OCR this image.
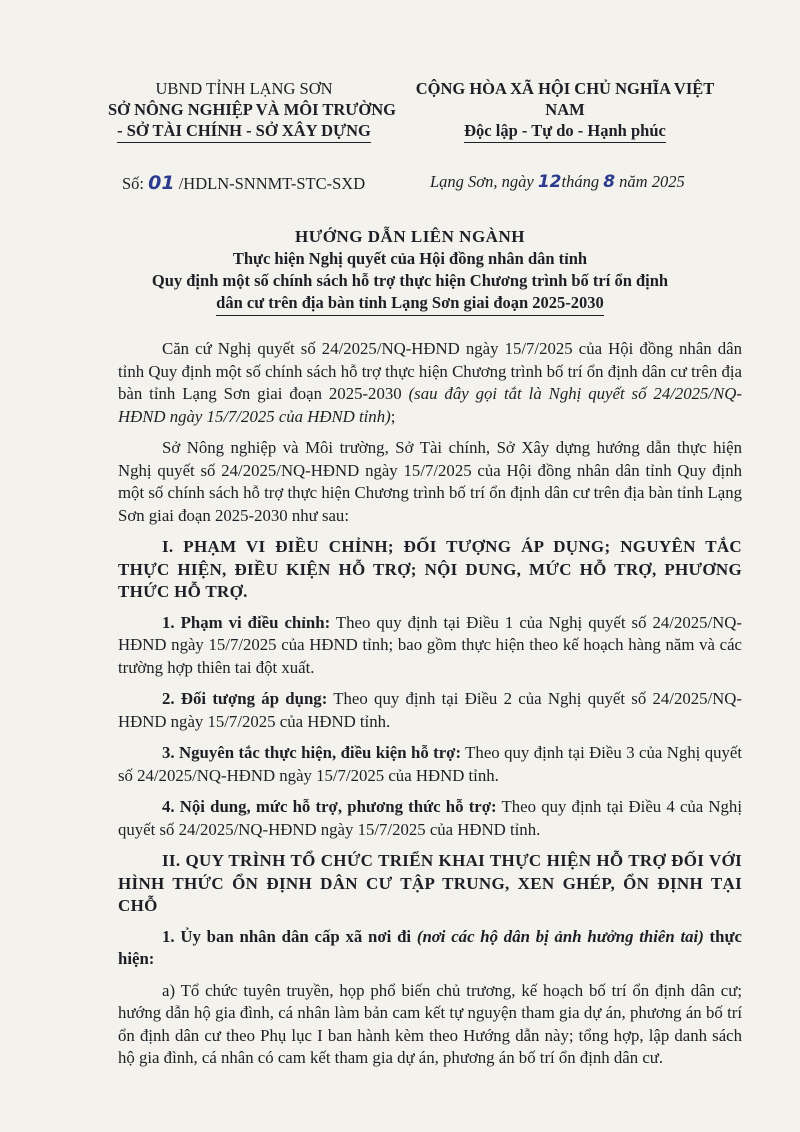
UBND TỈNH LẠNG SƠN
SỞ NÔNG NGHIỆP VÀ MÔI TRƯỜNG
- SỞ TÀI CHÍNH - SỞ XÂY DỰNG
CỘNG HÒA XÃ HỘI CHỦ NGHĨA VIỆT NAM
Độc lập - Tự do - Hạnh phúc
Số: 01 /HDLN-SNNMT-STC-SXD	Lạng Sơn, ngày 12tháng 8 năm 2025
HƯỚNG DẪN LIÊN NGÀNH
Thực hiện Nghị quyết của Hội đồng nhân dân tỉnh
Quy định một số chính sách hỗ trợ thực hiện Chương trình bố trí ổn định
dân cư trên địa bàn tỉnh Lạng Sơn giai đoạn 2025-2030

Căn cứ Nghị quyết số 24/2025/NQ-HĐND ngày 15/7/2025 của Hội đồng nhân dân tỉnh Quy định một số chính sách hỗ trợ thực hiện Chương trình bố trí ổn định dân cư trên địa bàn tỉnh Lạng Sơn giai đoạn 2025-2030 (sau đây gọi tắt là Nghị quyết số 24/2025/NQ-HĐND ngày 15/7/2025 của HĐND tỉnh);

Sở Nông nghiệp và Môi trường, Sở Tài chính, Sở Xây dựng hướng dẫn thực hiện Nghị quyết số 24/2025/NQ-HĐND ngày 15/7/2025 của Hội đồng nhân dân tỉnh Quy định một số chính sách hỗ trợ thực hiện Chương trình bố trí ổn định dân cư trên địa bàn tỉnh Lạng Sơn giai đoạn 2025-2030 như sau:

I. PHẠM VI ĐIỀU CHỈNH; ĐỐI TƯỢNG ÁP DỤNG; NGUYÊN TẮC THỰC HIỆN, ĐIỀU KIỆN HỖ TRỢ; NỘI DUNG, MỨC HỖ TRỢ, PHƯƠNG THỨC HỖ TRỢ.

1. Phạm vi điều chỉnh: Theo quy định tại Điều 1 của Nghị quyết số 24/2025/NQ-HĐND ngày 15/7/2025 của HĐND tỉnh; bao gồm thực hiện theo kế hoạch hàng năm và các trường hợp thiên tai đột xuất.

2. Đối tượng áp dụng: Theo quy định tại Điều 2 của Nghị quyết số 24/2025/NQ-HĐND ngày 15/7/2025 của HĐND tỉnh.

3. Nguyên tắc thực hiện, điều kiện hỗ trợ: Theo quy định tại Điều 3 của Nghị quyết số 24/2025/NQ-HĐND ngày 15/7/2025 của HĐND tỉnh.

4. Nội dung, mức hỗ trợ, phương thức hỗ trợ: Theo quy định tại Điều 4 của Nghị quyết số 24/2025/NQ-HĐND ngày 15/7/2025 của HĐND tỉnh.

II. QUY TRÌNH TỔ CHỨC TRIỂN KHAI THỰC HIỆN HỖ TRỢ ĐỐI VỚI HÌNH THỨC ỔN ĐỊNH DÂN CƯ TẬP TRUNG, XEN GHÉP, ỔN ĐỊNH TẠI CHỖ

1. Ủy ban nhân dân cấp xã nơi đi (nơi các hộ dân bị ảnh hưởng thiên tai) thực hiện:

a) Tổ chức tuyên truyền, họp phổ biến chủ trương, kế hoạch bố trí ổn định dân cư; hướng dẫn hộ gia đình, cá nhân làm bản cam kết tự nguyện tham gia dự án, phương án bố trí ổn định dân cư theo Phụ lục I ban hành kèm theo Hướng dẫn này; tổng hợp, lập danh sách hộ gia đình, cá nhân có cam kết tham gia dự án, phương án bố trí ổn định dân cư.
